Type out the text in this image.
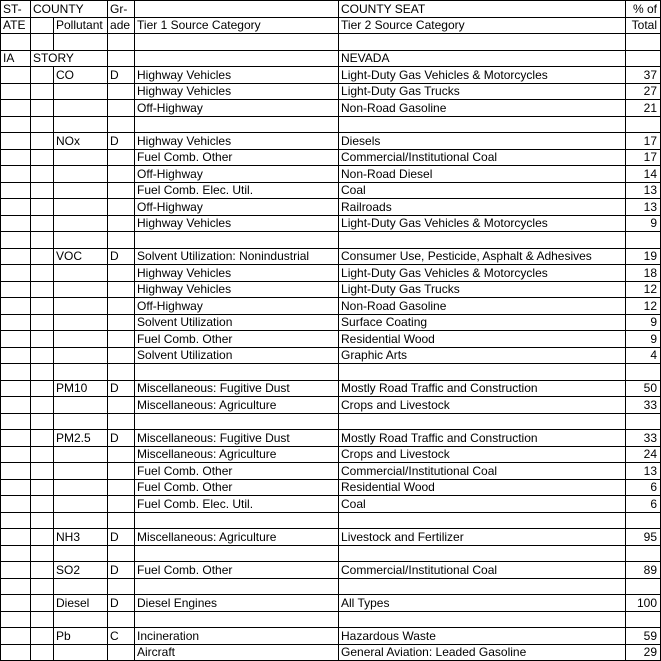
ST-	COUNTY		Gr-		COUNTY SEAT	% of
ATE		Pollutant	ade	Tier 1 Source Category	Tier 2 Source Category	Total

IA	STORY				NEVADA	
		CO	D	Highway Vehicles	Light-Duty Gas Vehicles & Motorcycles	37
				Highway Vehicles	Light-Duty Gas Trucks	27
				Off-Highway	Non-Road Gasoline	21

		NOx	D	Highway Vehicles	Diesels	17
				Fuel Comb. Other	Commercial/Institutional Coal	17
				Off-Highway	Non-Road Diesel	14
				Fuel Comb. Elec. Util.	Coal	13
				Off-Highway	Railroads	13
				Highway Vehicles	Light-Duty Gas Vehicles & Motorcycles	9

		VOC	D	Solvent Utilization: Nonindustrial	Consumer Use, Pesticide, Asphalt & Adhesives	19
				Highway Vehicles	Light-Duty Gas Vehicles & Motorcycles	18
				Highway Vehicles	Light-Duty Gas Trucks	12
				Off-Highway	Non-Road Gasoline	12
				Solvent Utilization	Surface Coating	9
				Fuel Comb. Other	Residential Wood	9
				Solvent Utilization	Graphic Arts	4

		PM10	D	Miscellaneous: Fugitive Dust	Mostly Road Traffic and Construction	50
				Miscellaneous: Agriculture	Crops and Livestock	33

		PM2.5	D	Miscellaneous: Fugitive Dust	Mostly Road Traffic and Construction	33
				Miscellaneous: Agriculture	Crops and Livestock	24
				Fuel Comb. Other	Commercial/Institutional Coal	13
				Fuel Comb. Other	Residential Wood	6
				Fuel Comb. Elec. Util.	Coal	6

		NH3	D	Miscellaneous: Agriculture	Livestock and Fertilizer	95

		SO2	D	Fuel Comb. Other	Commercial/Institutional Coal	89

		Diesel	D	Diesel Engines	All Types	100

		Pb	C	Incineration	Hazardous Waste	59
				Aircraft	General Aviation: Leaded Gasoline	29
